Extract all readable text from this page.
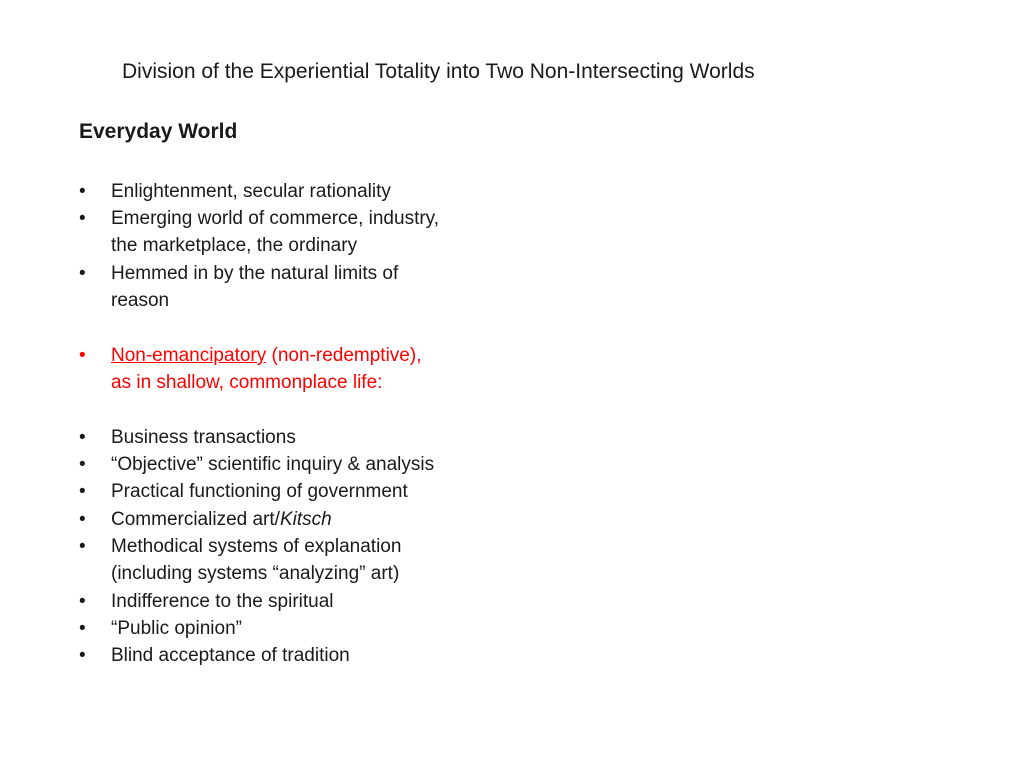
Division of the Experiential Totality into Two Non-Intersecting Worlds
Everyday World
• Enlightenment, secular rationality
• Emerging world of commerce, industry,
the marketplace, the ordinary
• Hemmed in by the natural limits of
reason
• Non-emancipatory (non-redemptive),
as in shallow, commonplace life:
• Business transactions
• “Objective” scientific inquiry & analysis
• Practical functioning of government
• Commercialized art/Kitsch
• Methodical systems of explanation
(including systems “analyzing” art)
• Indifference to the spiritual
• “Public opinion”
• Blind acceptance of tradition
